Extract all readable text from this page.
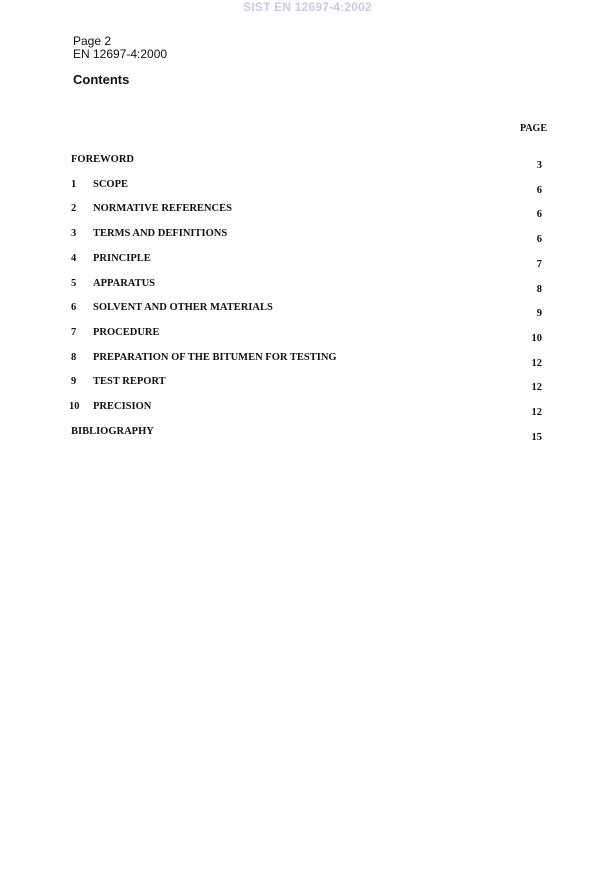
SIST EN 12697-4:2002
Page 2
EN 12697-4:2000
Contents
PAGE
FOREWORD
3
1 SCOPE
6
2 NORMATIVE REFERENCES
6
3 TERMS AND DEFINITIONS
6
4 PRINCIPLE
7
5 APPARATUS
8
6 SOLVENT AND OTHER MATERIALS
9
7 PROCEDURE
10
8 PREPARATION OF THE BITUMEN FOR TESTING
12
9 TEST REPORT
12
10 PRECISION
12
BIBLIOGRAPHY
15
